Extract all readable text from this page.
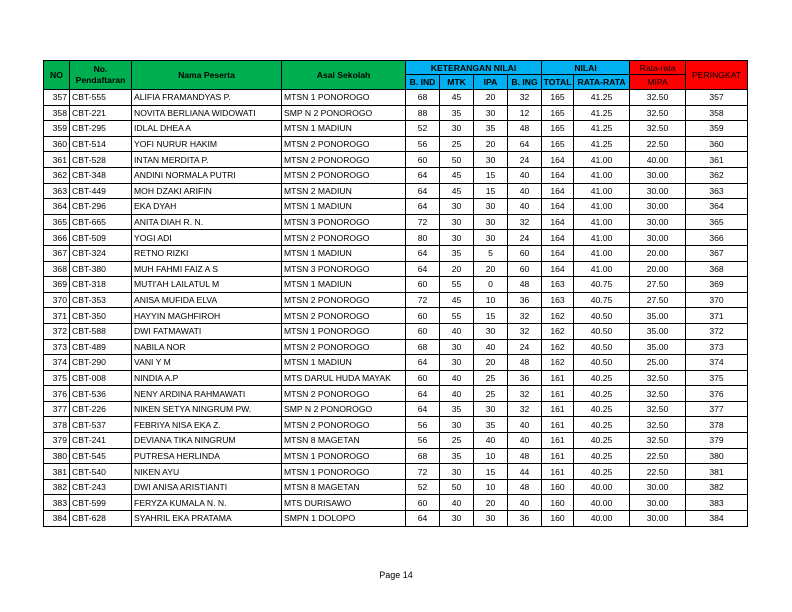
NO	No. Pendaftaran	Nama Peserta	Asal Sekolah	KETERANGAN NILAI				NILAI		Rata-rata	PERINGKAT
				B. IND	MTK	IPA	B. ING	TOTAL	RATA-RATA	MIPA	
357	CBT-555	ALIFIA FRAMANDYAS P.	MTSN 1 PONOROGO	68	45	20	32	165	41.25	32.50	357
358	CBT-221	NOVITA BERLIANA WIDOWATI	SMP N 2 PONOROGO	88	35	30	12	165	41.25	32.50	358
359	CBT-295	IDLAL DHEA A	MTSN 1 MADIUN	52	30	35	48	165	41.25	32.50	359
360	CBT-514	YOFI NURUR HAKIM	MTSN 2 PONOROGO	56	25	20	64	165	41.25	22.50	360
361	CBT-528	INTAN MERDITA P.	MTSN 2 PONOROGO	60	50	30	24	164	41.00	40.00	361
362	CBT-348	ANDINI NORMALA PUTRI	MTSN 2 PONOROGO	64	45	15	40	164	41.00	30.00	362
363	CBT-449	MOH DZAKI ARIFIN	MTSN 2 MADIUN	64	45	15	40	164	41.00	30.00	363
364	CBT-296	EKA DYAH	MTSN 1 MADIUN	64	30	30	40	164	41.00	30.00	364
365	CBT-665	ANITA DIAH R. N.	MTSN 3 PONOROGO	72	30	30	32	164	41.00	30.00	365
366	CBT-509	YOGI ADI	MTSN 2 PONOROGO	80	30	30	24	164	41.00	30.00	366
367	CBT-324	RETNO RIZKI	MTSN 1 MADIUN	64	35	5	60	164	41.00	20.00	367
368	CBT-380	MUH FAHMI FAIZ A S	MTSN 3 PONOROGO	64	20	20	60	164	41.00	20.00	368
369	CBT-318	MUTI'AH LAILATUL M	MTSN 1 MADIUN	60	55	0	48	163	40.75	27.50	369
370	CBT-353	ANISA MUFIDA ELVA	MTSN 2 PONOROGO	72	45	10	36	163	40.75	27.50	370
371	CBT-350	HAYYIN MAGHFIROH	MTSN 2 PONOROGO	60	55	15	32	162	40.50	35.00	371
372	CBT-588	DWI FATMAWATI	MTSN 1 PONOROGO	60	40	30	32	162	40.50	35.00	372
373	CBT-489	NABILA NOR	MTSN 2 PONOROGO	68	30	40	24	162	40.50	35.00	373
374	CBT-290	VANI Y M	MTSN 1 MADIUN	64	30	20	48	162	40.50	25.00	374
375	CBT-008	NINDIA A.P	MTS DARUL HUDA MAYAK	60	40	25	36	161	40.25	32.50	375
376	CBT-536	NENY ARDINA RAHMAWATI	MTSN 2 PONOROGO	64	40	25	32	161	40.25	32.50	376
377	CBT-226	NIKEN SETYA NINGRUM PW.	SMP N 2 PONOROGO	64	35	30	32	161	40.25	32.50	377
378	CBT-537	FEBRIYA NISA EKA Z.	MTSN 2 PONOROGO	56	30	35	40	161	40.25	32.50	378
379	CBT-241	DEVIANA TIKA NINGRUM	MTSN 8 MAGETAN	56	25	40	40	161	40.25	32.50	379
380	CBT-545	PUTRESA HERLINDA	MTSN 1 PONOROGO	68	35	10	48	161	40.25	22.50	380
381	CBT-540	NIKEN AYU	MTSN 1 PONOROGO	72	30	15	44	161	40.25	22.50	381
382	CBT-243	DWI ANISA ARISTIANTI	MTSN 8 MAGETAN	52	50	10	48	160	40.00	30.00	382
383	CBT-599	FERYZA KUMALA N. N.	MTS DURISAWO	60	40	20	40	160	40.00	30.00	383
384	CBT-628	SYAHRIL EKA PRATAMA	SMPN 1 DOLOPO	64	30	30	36	160	40.00	30.00	384
Page 14
